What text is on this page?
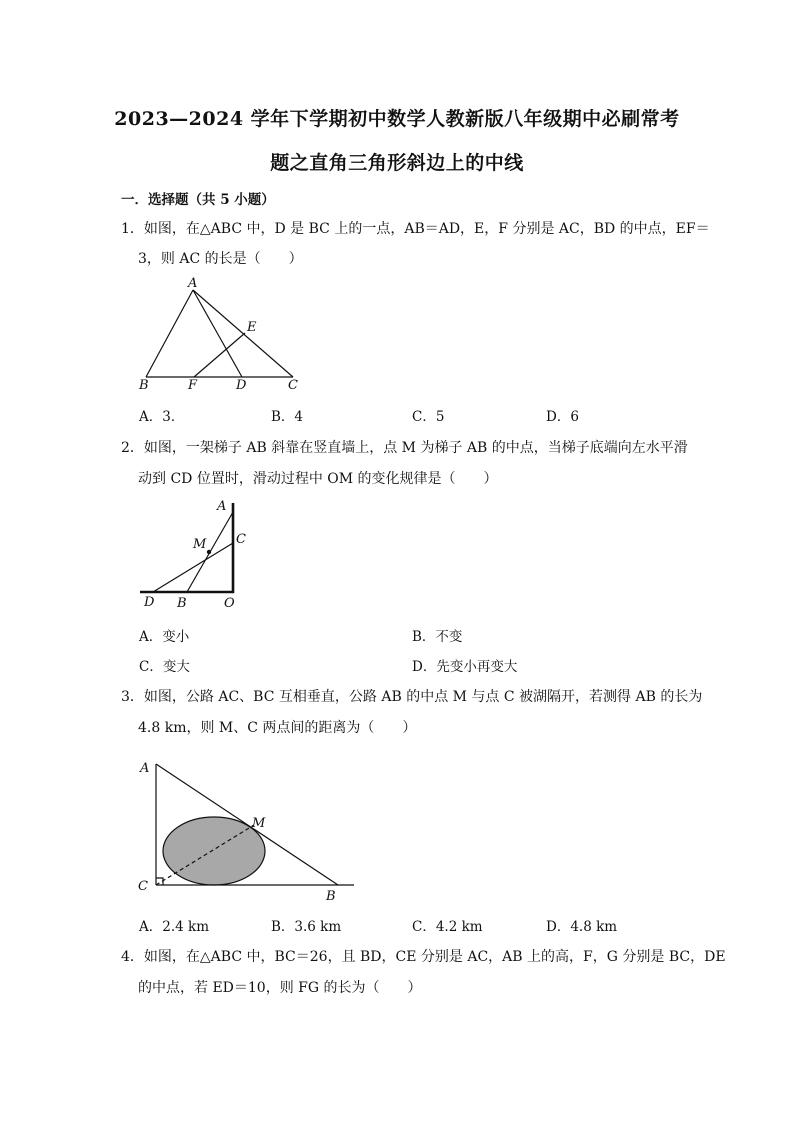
2023—2024 学年下学期初中数学人教新版八年级期中必刷常考
题之直角三角形斜边上的中线
一．选择题（共 5 小题）
1．如图，在△ABC 中，D 是 BC 上的一点，AB＝AD，E，F 分别是 AC，BD 的中点，EF＝
3，则 AC 的长是（　　）
A
E
B	F	D	C
A．3．	B．4	C．5	D．6
2．如图，一架梯子 AB 斜靠在竖直墙上，点 M 为梯子 AB 的中点，当梯子底端向左水平滑
动到 CD 位置时，滑动过程中 OM 的变化规律是（　　）
A
M C
D B	O
A．变小	B．不变
C．变大	D．先变小再变大
3．如图，公路 AC、BC 互相垂直，公路 AB 的中点 M 与点 C 被湖隔开，若测得 AB 的长为
4.8 km，则 M、C 两点间的距离为（　　）
A
M
C
B
A．2.4 km	B．3.6 km	C．4.2 km	D．4.8 km
4．如图，在△ABC 中，BC＝26，且 BD，CE 分别是 AC，AB 上的高，F，G 分别是 BC，DE
的中点，若 ED＝10，则 FG 的长为（　　）
